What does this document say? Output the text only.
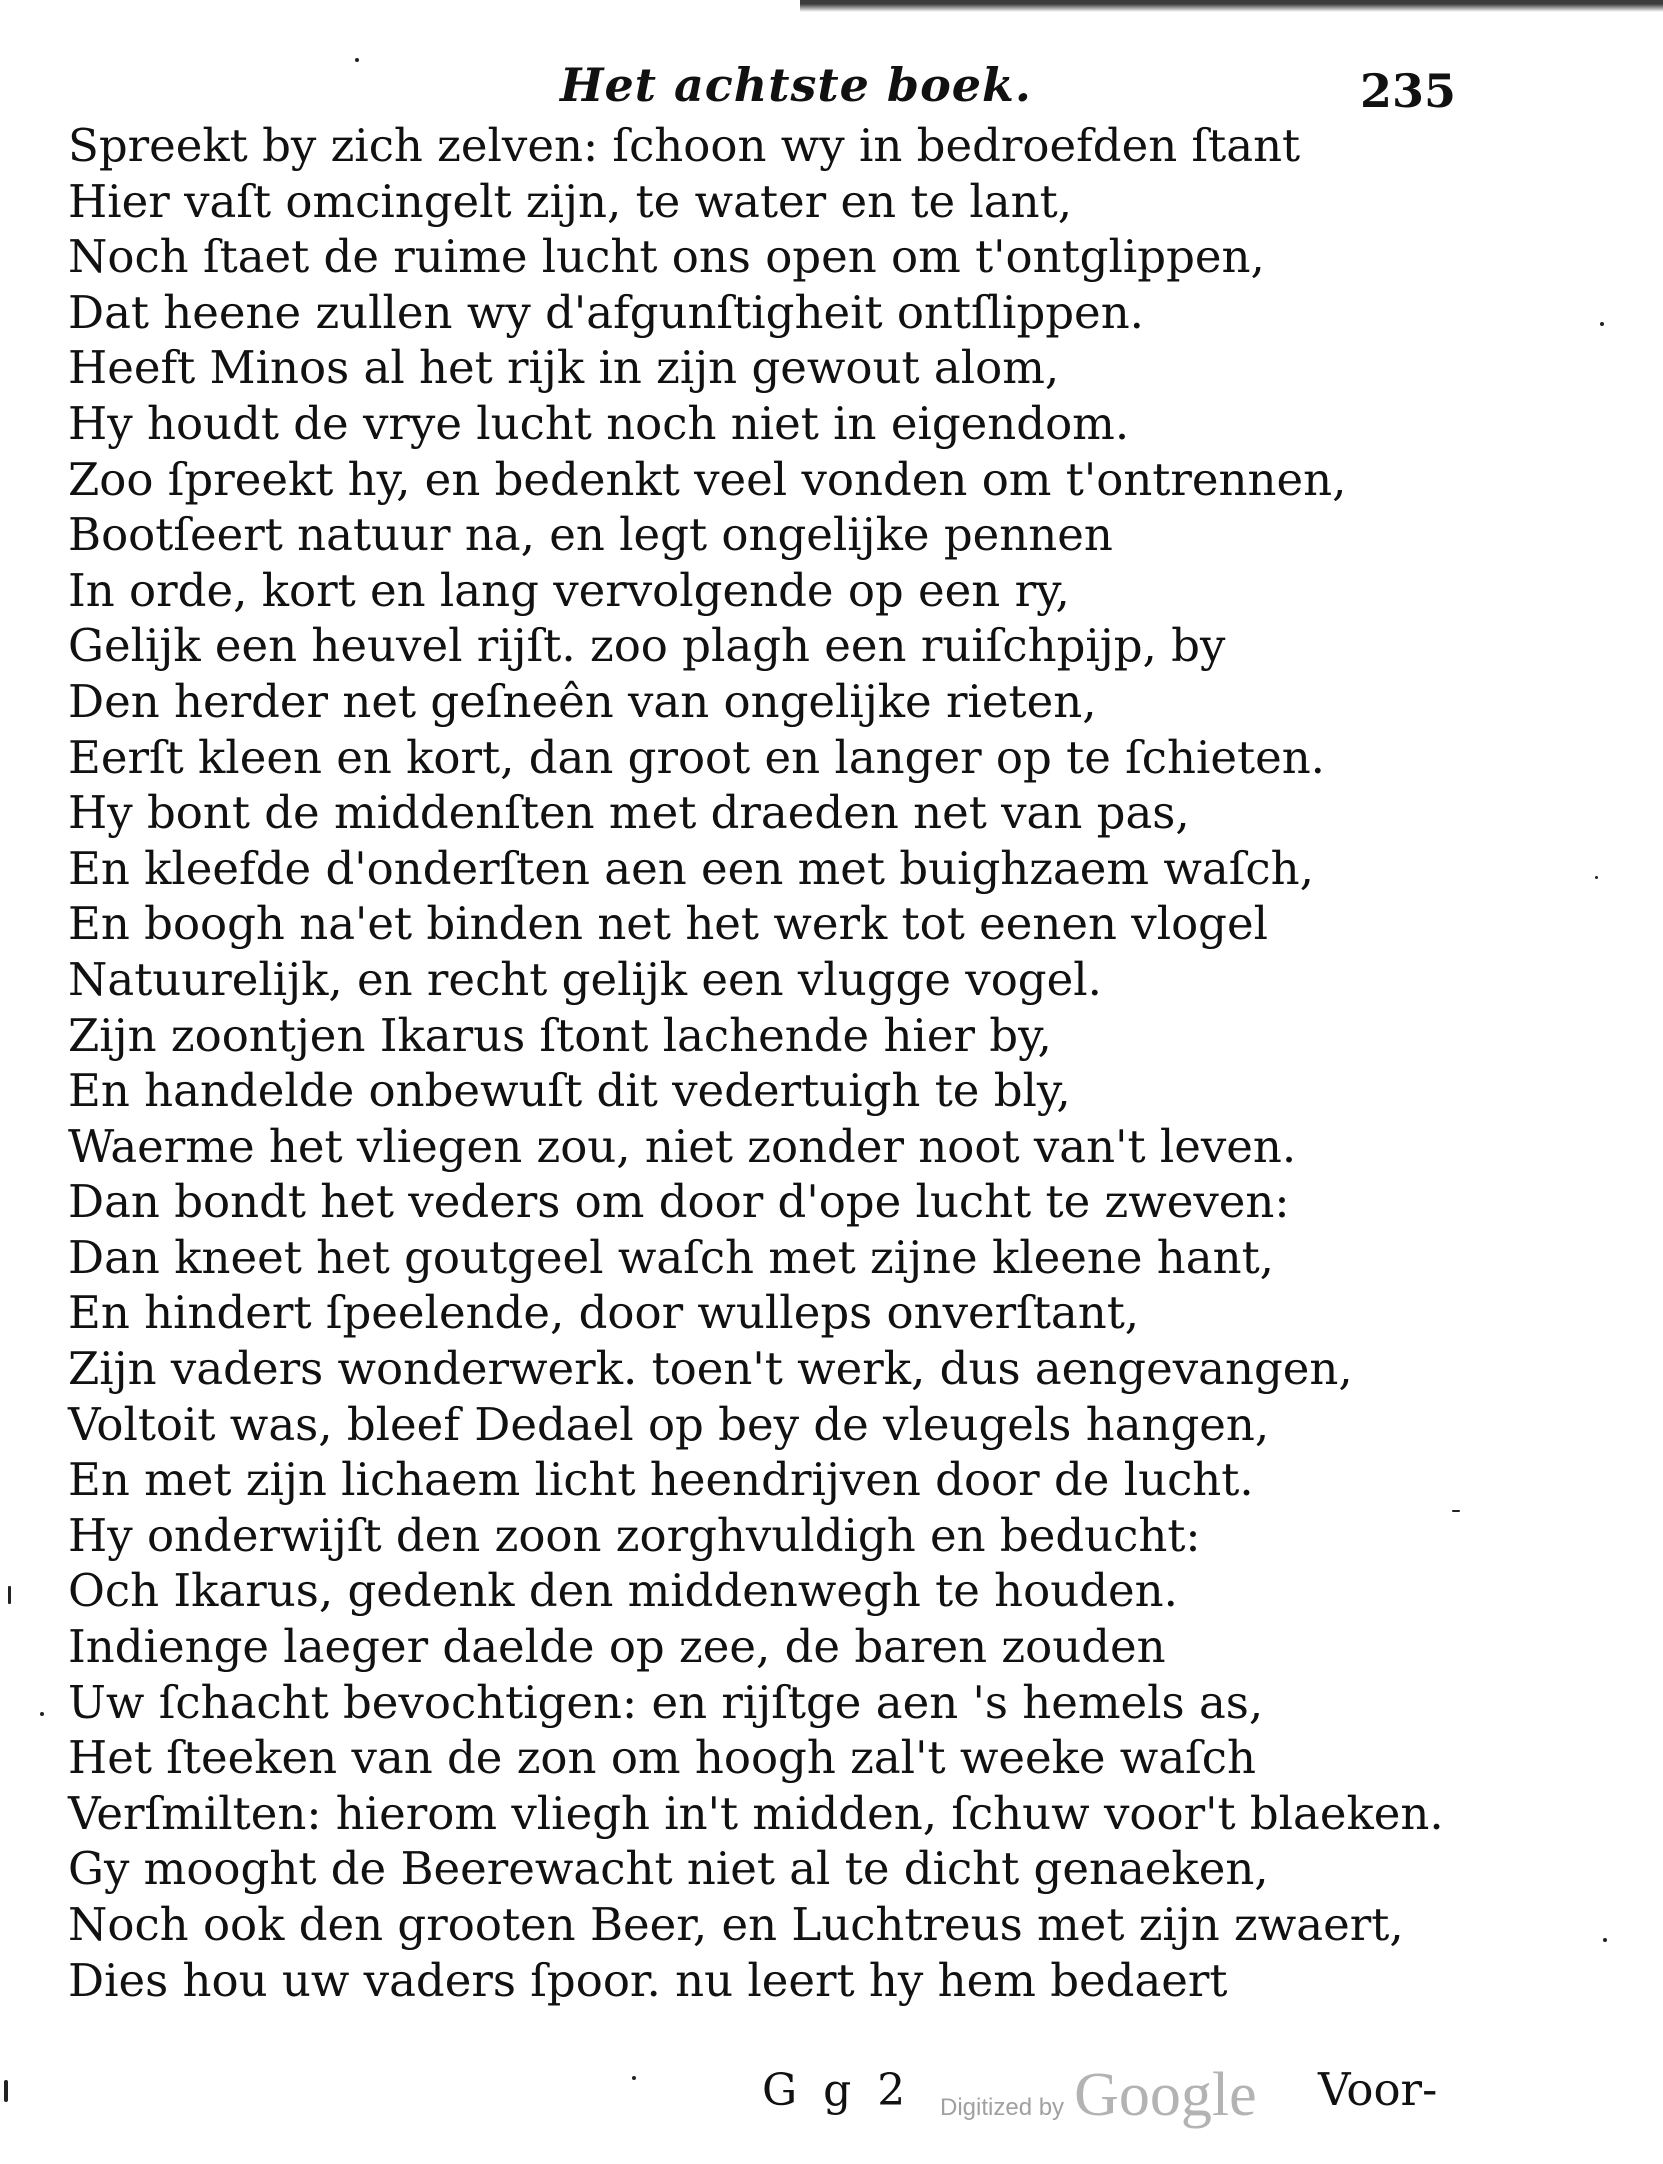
Het achtste boek.	235
Spreekt by zich zelven: ſchoon wy in bedroefden ſtant
Hier vaſt omcingelt zijn, te water en te lant,
Noch ſtaet de ruime lucht ons open om t'ontglippen,
Dat heene zullen wy d'afgunſtigheit ontſlippen.
Heeft Minos al het rijk in zijn gewout alom,
Hy houdt de vrye lucht noch niet in eigendom.
Zoo ſpreekt hy, en bedenkt veel vonden om t'ontrennen,
Bootſeert natuur na, en legt ongelijke pennen
In orde, kort en lang vervolgende op een ry,
Gelijk een heuvel rijſt. zoo plagh een ruiſchpijp, by
Den herder net geſneên van ongelijke rieten,
Eerſt kleen en kort, dan groot en langer op te ſchieten.
Hy bont de middenſten met draeden net van pas,
En kleefde d'onderſten aen een met buighzaem waſch,
En boogh na'et binden net het werk tot eenen vlogel
Natuurelijk, en recht gelijk een vlugge vogel.
Zijn zoontjen Ikarus ſtont lachende hier by,
En handelde onbewuſt dit vedertuigh te bly,
Waerme het vliegen zou, niet zonder noot van't leven.
Dan bondt het veders om door d'ope lucht te zweven:
Dan kneet het goutgeel waſch met zijne kleene hant,
En hindert ſpeelende, door wulleps onverſtant,
Zijn vaders wonderwerk. toen't werk, dus aengevangen,
Voltoit was, bleef Dedael op bey de vleugels hangen,
En met zijn lichaem licht heendrijven door de lucht.
Hy onderwijſt den zoon zorghvuldigh en beducht:
Och Ikarus, gedenk den middenwegh te houden.
Indienge laeger daelde op zee, de baren zouden
Uw ſchacht bevochtigen: en rijſtge aen 's hemels as,
Het ſteeken van de zon om hoogh zal't weeke waſch
Verſmilten: hierom vliegh in't midden, ſchuw voor't blaeken.
Gy mooght de Beerewacht niet al te dicht genaeken,
Noch ook den grooten Beer, en Luchtreus met zijn zwaert,
Dies hou uw vaders ſpoor. nu leert hy hem bedaert
G g 2 Digitized by Google Voor-
